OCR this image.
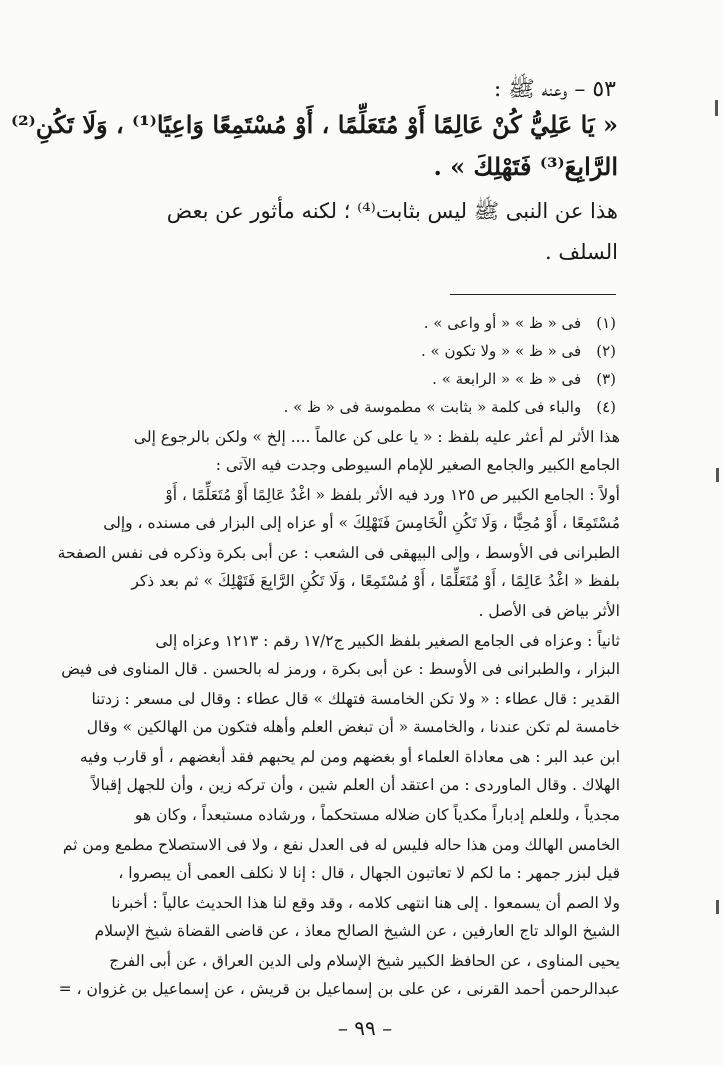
٥٣ – وعنه ﷺ :
« يَا عَلِيُّ كُنْ عَالِمًا أَوْ مُتَعَلِّمًا ، أَوْ مُسْتَمِعًا وَاعِيًا⁽¹⁾ ، وَلَا تَكُنِ⁽²⁾
الرَّابِعَ⁽³⁾ فَتَهْلِكَ » .
هذا عن النبى ﷺ ليس بثابت⁽⁴⁾ ؛ لكنه مأثور عن بعض
السلف .
(١) فى « ظ » « أو واعى » .
(٢) فى « ظ » « ولا تكون » .
(٣) فى « ظ » « الرابعة » .
(٤) والباء فى كلمة « بثابت » مطموسة فى « ظ » .
هذا الأثر لم أعثر عليه بلفظ : « يا على كن عالماً .... إلخ » ولكن بالرجوع إلى
الجامع الكبير والجامع الصغير للإمام السيوطى وجدت فيه الآتى :
أولاً : الجامع الكبير ص ١٢٥ ورد فيه الأثر بلفظ « اغْدُ عَالِمًا أَوْ مُتَعَلِّمًا ، أَوْ
مُسْتَمِعًا ، أَوْ مُحِبًّا ، وَلَا تَكُنِ الْخَامِسَ فَتَهْلِكَ » أو عزاه إلى البزار فى مسنده ، وإلى
الطبرانى فى الأوسط ، وإلى البيهقى فى الشعب : عن أبى بكرة وذكره فى نفس الصفحة
بلفظ « اغْدُ عَالِمًا ، أَوْ مُتَعَلِّمًا ، أَوْ مُسْتَمِعًا ، وَلَا تَكُنِ الرَّابِعَ فَتَهْلِكَ » ثم بعد ذكر
الأثر بياض فى الأصل .
ثانياً : وعزاه فى الجامع الصغير بلفظ الكبير ج١٧/٢ رقم : ١٢١٣ وعزاه إلى
البزار ، والطبرانى فى الأوسط : عن أبى بكرة ، ورمز له بالحسن . قال المناوى فى فيض
القدير : قال عطاء : « ولا تكن الخامسة فتهلك » قال عطاء : وقال لى مسعر : زدتنا
خامسة لم تكن عندنا ، والخامسة « أن تبغض العلم وأهله فتكون من الهالكين » وقال
ابن عبد البر : هى معاداة العلماء أو بغضهم ومن لم يحبهم فقد أبغضهم ، أو قارب وفيه
الهلاك . وقال الماوردى : من اعتقد أن العلم شين ، وأن تركه زين ، وأن للجهل إقبالاً
مجدياً ، وللعلم إدباراً مكدياً كان ضلاله مستحكماً ، ورشاده مستبعداً ، وكان هو
الخامس الهالك ومن هذا حاله فليس له فى العدل نفع ، ولا فى الاستصلاح مطمع ومن ثم
قيل لبزر جمهر : ما لكم لا تعاتبون الجهال ، قال : إنا لا نكلف العمى أن يبصروا ،
ولا الصم أن يسمعوا . إلى هنا انتهى كلامه ، وقد وقع لنا هذا الحديث عالياً : أخبرنا
الشيخ الوالد تاج العارفين ، عن الشيخ الصالح معاذ ، عن قاضى القضاة شيخ الإسلام
يحيى المناوى ، عن الحافظ الكبير شيخ الإسلام ولى الدين العراق ، عن أبى الفرج
عبدالرحمن أحمد القرنى ، عن على بن إسماعيل بن قريش ، عن إسماعيل بن غزوان ، =
– ٩٩ –
